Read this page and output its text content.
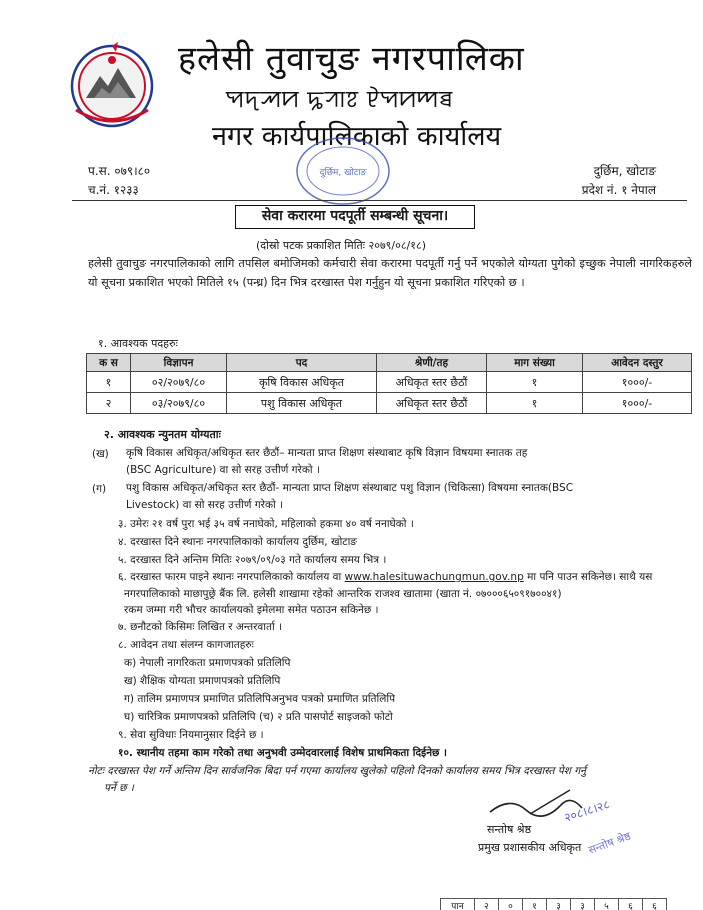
हलेसी तुवाचुङ नगरपालिका
ꠗꠖꠕꠙ ꠍꠞꠣꠐ ꠄꠗꠙꠈꠊ
नगर कार्यपालिकाको कार्यालय
दुर्छिम, खोटाङ
प.स. ०७९।८०
च.नं. १२३३
दुर्छिम, खोटाङ
प्रदेश नं. १ नेपाल
सेवा करारमा पदपूर्ती सम्बन्धी सूचना।
(दोस्रो पटक प्रकाशित मितिः २०७९/०८/१८)
हलेसी तुवाचुङ नगरपालिकाको लागि तपसिल बमोजिमको कर्मचारी सेवा करारमा पदपूर्ती गर्नु पर्ने भएकोले योग्यता पुगेको इच्छुक नेपाली नागरिकहरुले यो सूचना प्रकाशित भएको मितिले १५ (पन्ध्र) दिन भित्र दरखास्त पेश गर्नुहुन यो सूचना प्रकाशित गरिएको छ ।
१. आवश्यक पदहरुः
क स	विज्ञापन	पद	श्रेणी/तह	माग संख्या	आवेदन दस्तुर
१	०२/२०७९/८०	कृषि विकास अधिकृत	अधिकृत स्तर छैठौं	१	१०००/-
२	०३/२०७९/८०	पशु विकास अधिकृत	अधिकृत स्तर छैठौं	१	१०००/-
२. आवश्यक न्युनतम योग्यताः
(ख) कृषि विकास अधिकृत/अधिकृत स्तर छैठौं– मान्यता प्राप्त शिक्षण संस्थाबाट कृषि विज्ञान विषयमा स्नातक तह
(BSC Agriculture) वा सो सरह उत्तीर्ण गरेको ।
(ग) पशु विकास अधिकृत/अधिकृत स्तर छैठौं- मान्यता प्राप्त शिक्षण संस्थाबाट पशु विज्ञान (चिकित्सा) विषयमा स्नातक(BSC
Livestock) वा सो सरह उत्तीर्ण गरेको ।
३. उमेरः २१ वर्ष पुरा भई ३५ वर्ष ननाघेको, महिलाको हकमा ४० वर्ष ननाघेको ।
४. दरखास्त दिने स्थानः नगरपालिकाको कार्यालय दुर्छिम, खोटाङ
५. दरखास्त दिने अन्तिम मितिः २०७९/०९/०३ गते कार्यालय समय भित्र ।
६. दरखास्त फारम पाइने स्थानः नगरपालिकाको कार्यालय वा www.halesituwachungmun.gov.np मा पनि पाउन सकिनेछ। साथै यस
नगरपालिकाको माछापुछ्रे बैंक लि. हलेसी शाखामा रहेको आन्तरिक राजश्व खातामा (खाता नं. ०७०००६५०९१७००४१)
रकम जम्मा गरी भौचर कार्यालयको इमेलमा समेत पठाउन सकिनेछ ।
७. छनौटको किसिमः लिखित र अन्तरवार्ता ।
८. आवेदन तथा संलग्न कागजातहरुः
क) नेपाली नागरिकता प्रमाणपत्रको प्रतिलिपि
ख) शैक्षिक योग्यता प्रमाणपत्रको प्रतिलिपि
ग) तालिम प्रमाणपत्र प्रमाणित प्रतिलिपिअनुभव पत्रको प्रमाणित प्रतिलिपि
घ) चारित्रिक प्रमाणपत्रको प्रतिलिपि (च) २ प्रति पासपोर्ट साइजको फोटो
९. सेवा सुविधाः नियमानुसार दिईने छ ।
१०. स्थानीय तहमा काम गरेको तथा अनुभवी उम्मेदवारलाई विशेष प्राथमिकता दिईनेछ ।
नोटः दरखास्त पेश गर्ने अन्तिम दिन सार्वजनिक बिदा पर्न गएमा कार्यालय खुलेको पहिलो दिनको कार्यालय समय भित्र दरखास्त पेश गर्नु
पर्ने छ ।
२०८।८।२८
सन्तोष श्रेष्ठ
सन्तोष श्रेष्ठ
प्रमुख प्रशासकीय अधिकृत
पान	२	०	१	३	३	५	६	६
